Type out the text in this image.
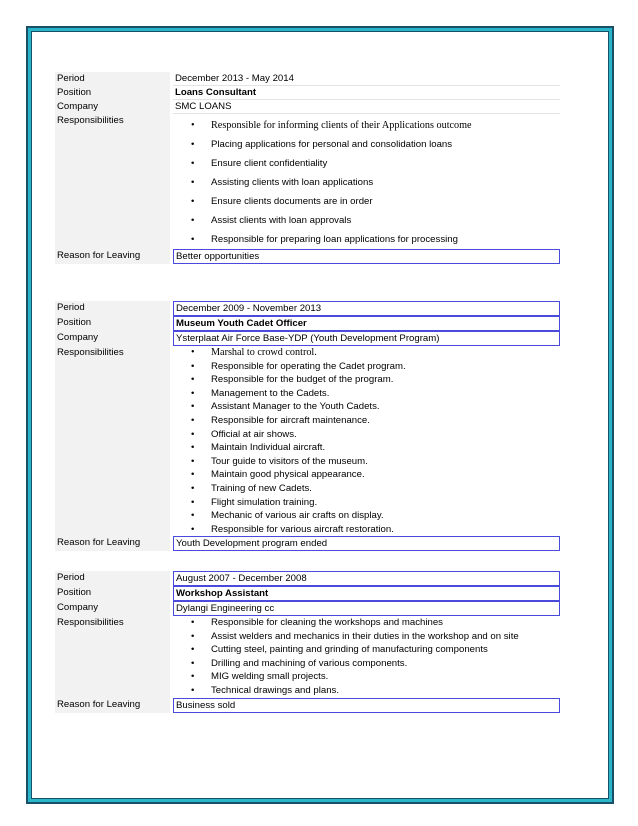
Period	December 2013 - May 2014
Position	Loans Consultant
Company	SMC LOANS
Responsibilities	• Responsible for informing clients of their Applications outcome
• Placing applications for personal and consolidation loans
• Ensure client confidentiality
• Assisting clients with loan applications
• Ensure clients documents are in order
• Assist clients with loan approvals
• Responsible for preparing loan applications for processing
Reason for Leaving	Better opportunities
Period	December 2009 - November 2013
Position	Museum Youth Cadet Officer
Company	Ysterplaat Air Force Base-YDP (Youth Development Program)
Responsibilities	• Marshal to crowd control.
• Responsible for operating the Cadet program.
• Responsible for the budget of the program.
• Management to the Cadets.
• Assistant Manager to the Youth Cadets.
• Responsible for aircraft maintenance.
• Official at air shows.
• Maintain Individual aircraft.
• Tour guide to visitors of the museum.
• Maintain good physical appearance.
• Training of new Cadets.
• Flight simulation training.
• Mechanic of various air crafts on display.
• Responsible for various aircraft restoration.
Reason for Leaving	Youth Development program ended
Period	August 2007 - December 2008
Position	Workshop Assistant
Company	Dylangi Engineering cc
Responsibilities	• Responsible for cleaning the workshops and machines
• Assist welders and mechanics in their duties in the workshop and on site
• Cutting steel, painting and grinding of manufacturing components
• Drilling and machining of various components.
• MIG welding small projects.
• Technical drawings and plans.
Reason for Leaving	Business sold
